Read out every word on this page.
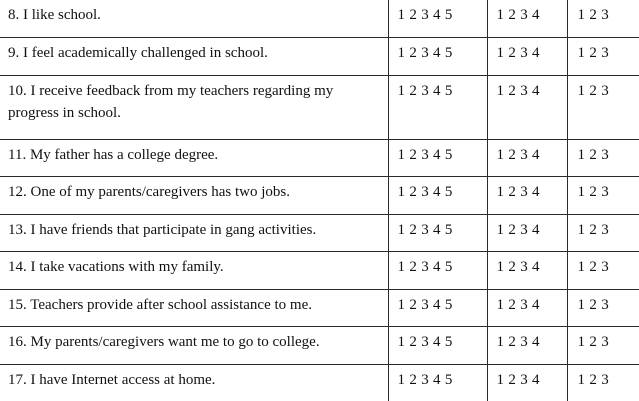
8. I like school.	1 2 3 4 5	1 2 3 4	1 2 3
9. I feel academically challenged in school.	1 2 3 4 5	1 2 3 4	1 2 3
10. I receive feedback from my teachers regarding my progress in school.	1 2 3 4 5	1 2 3 4	1 2 3
11. My father has a college degree.	1 2 3 4 5	1 2 3 4	1 2 3
12. One of my parents/caregivers has two jobs.	1 2 3 4 5	1 2 3 4	1 2 3
13. I have friends that participate in gang activities.	1 2 3 4 5	1 2 3 4	1 2 3
14. I take vacations with my family.	1 2 3 4 5	1 2 3 4	1 2 3
15. Teachers provide after school assistance to me.	1 2 3 4 5	1 2 3 4	1 2 3
16. My parents/caregivers want me to go to college.	1 2 3 4 5	1 2 3 4	1 2 3
17. I have Internet access at home.	1 2 3 4 5	1 2 3 4	1 2 3
